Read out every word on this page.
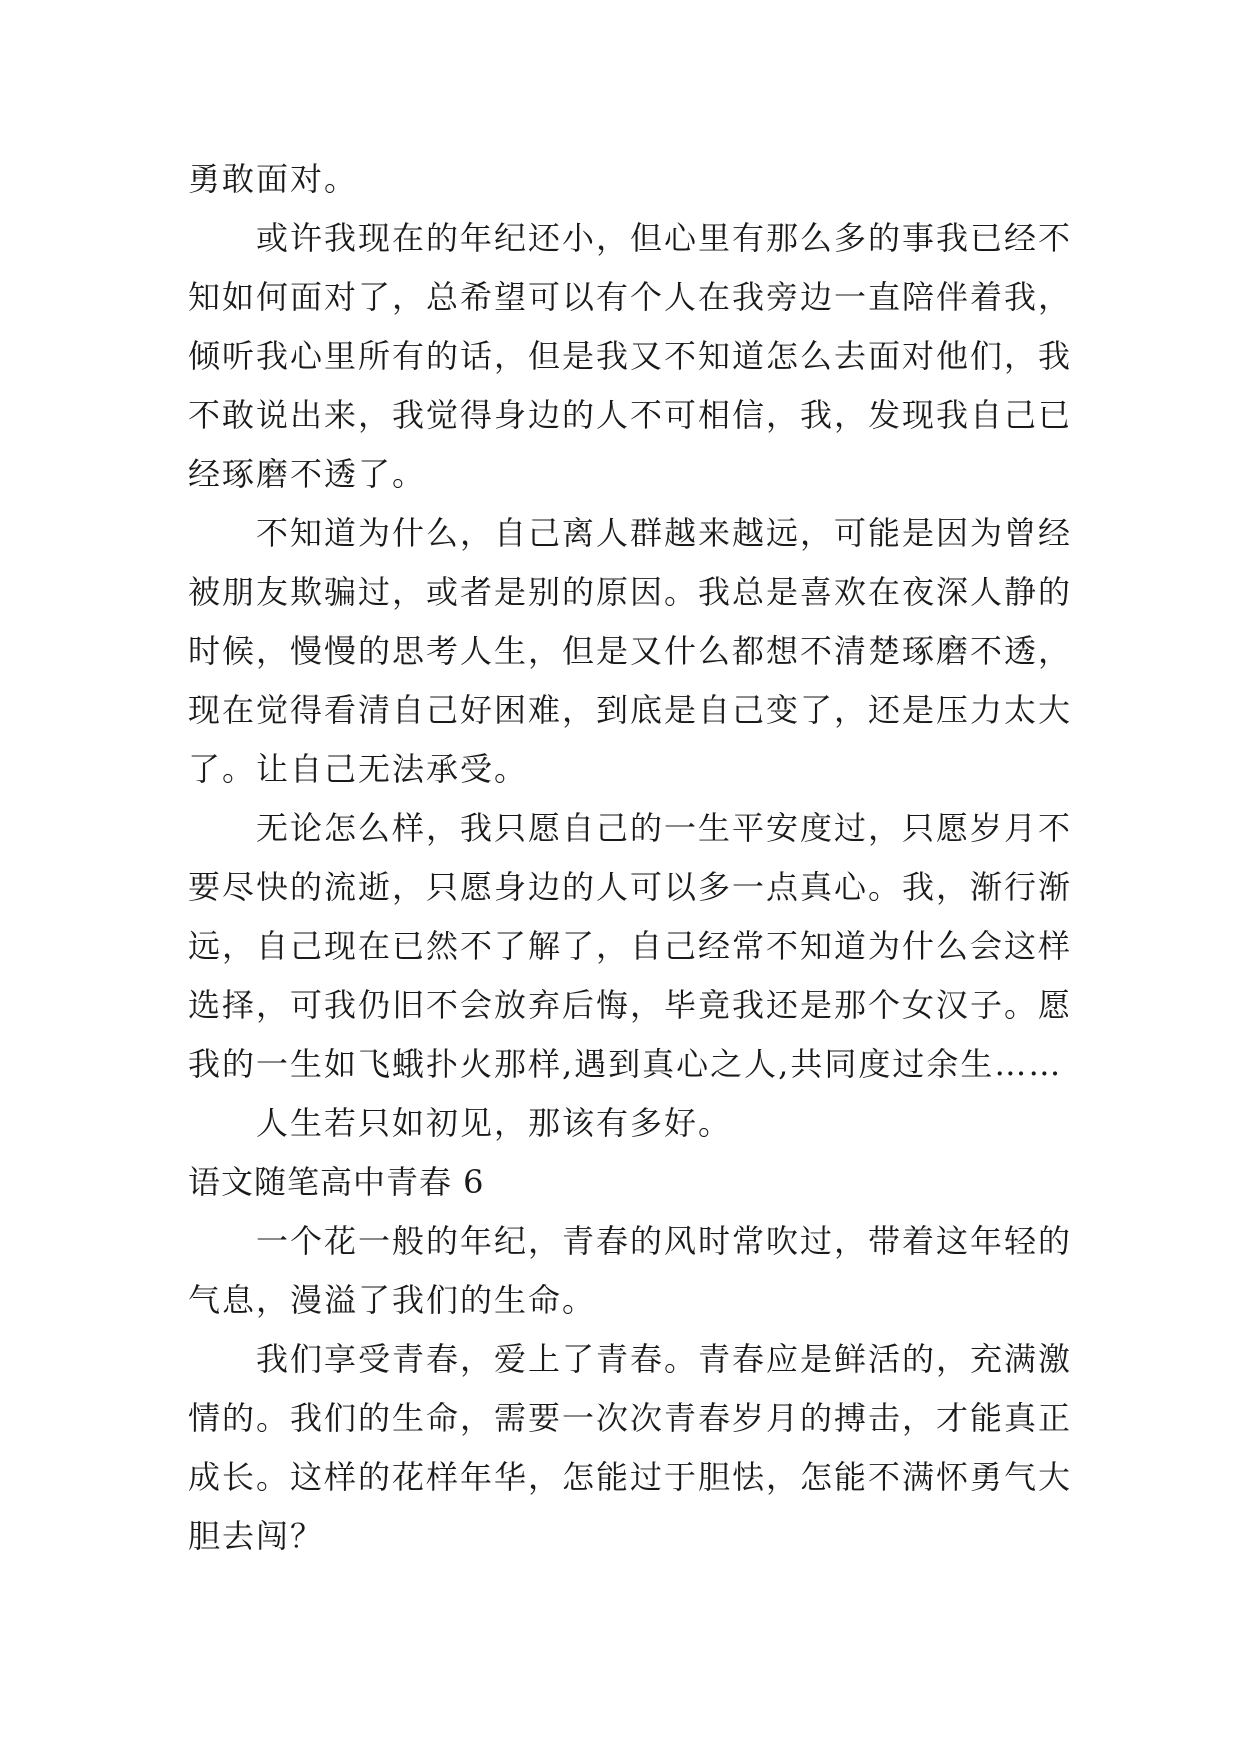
勇敢面对。
或许我现在的年纪还小，但心里有那么多的事我已经不
知如何面对了，总希望可以有个人在我旁边一直陪伴着我，
倾听我心里所有的话，但是我又不知道怎么去面对他们，我
不敢说出来，我觉得身边的人不可相信，我，发现我自己已
经琢磨不透了。
不知道为什么，自己离人群越来越远，可能是因为曾经
被朋友欺骗过，或者是别的原因。我总是喜欢在夜深人静的
时候，慢慢的思考人生，但是又什么都想不清楚琢磨不透，
现在觉得看清自己好困难，到底是自己变了，还是压力太大
了。让自己无法承受。
无论怎么样，我只愿自己的一生平安度过，只愿岁月不
要尽快的流逝，只愿身边的人可以多一点真心。我，渐行渐
远，自己现在已然不了解了，自己经常不知道为什么会这样
选择，可我仍旧不会放弃后悔，毕竟我还是那个女汉子。愿
我的一生如飞蛾扑火那样,遇到真心之人,共同度过余生……
人生若只如初见，那该有多好。
语文随笔高中青春 6
一个花一般的年纪，青春的风时常吹过，带着这年轻的
气息，漫溢了我们的生命。
我们享受青春，爱上了青春。青春应是鲜活的，充满激
情的。我们的生命，需要一次次青春岁月的搏击，才能真正
成长。这样的花样年华，怎能过于胆怯，怎能不满怀勇气大
胆去闯？
